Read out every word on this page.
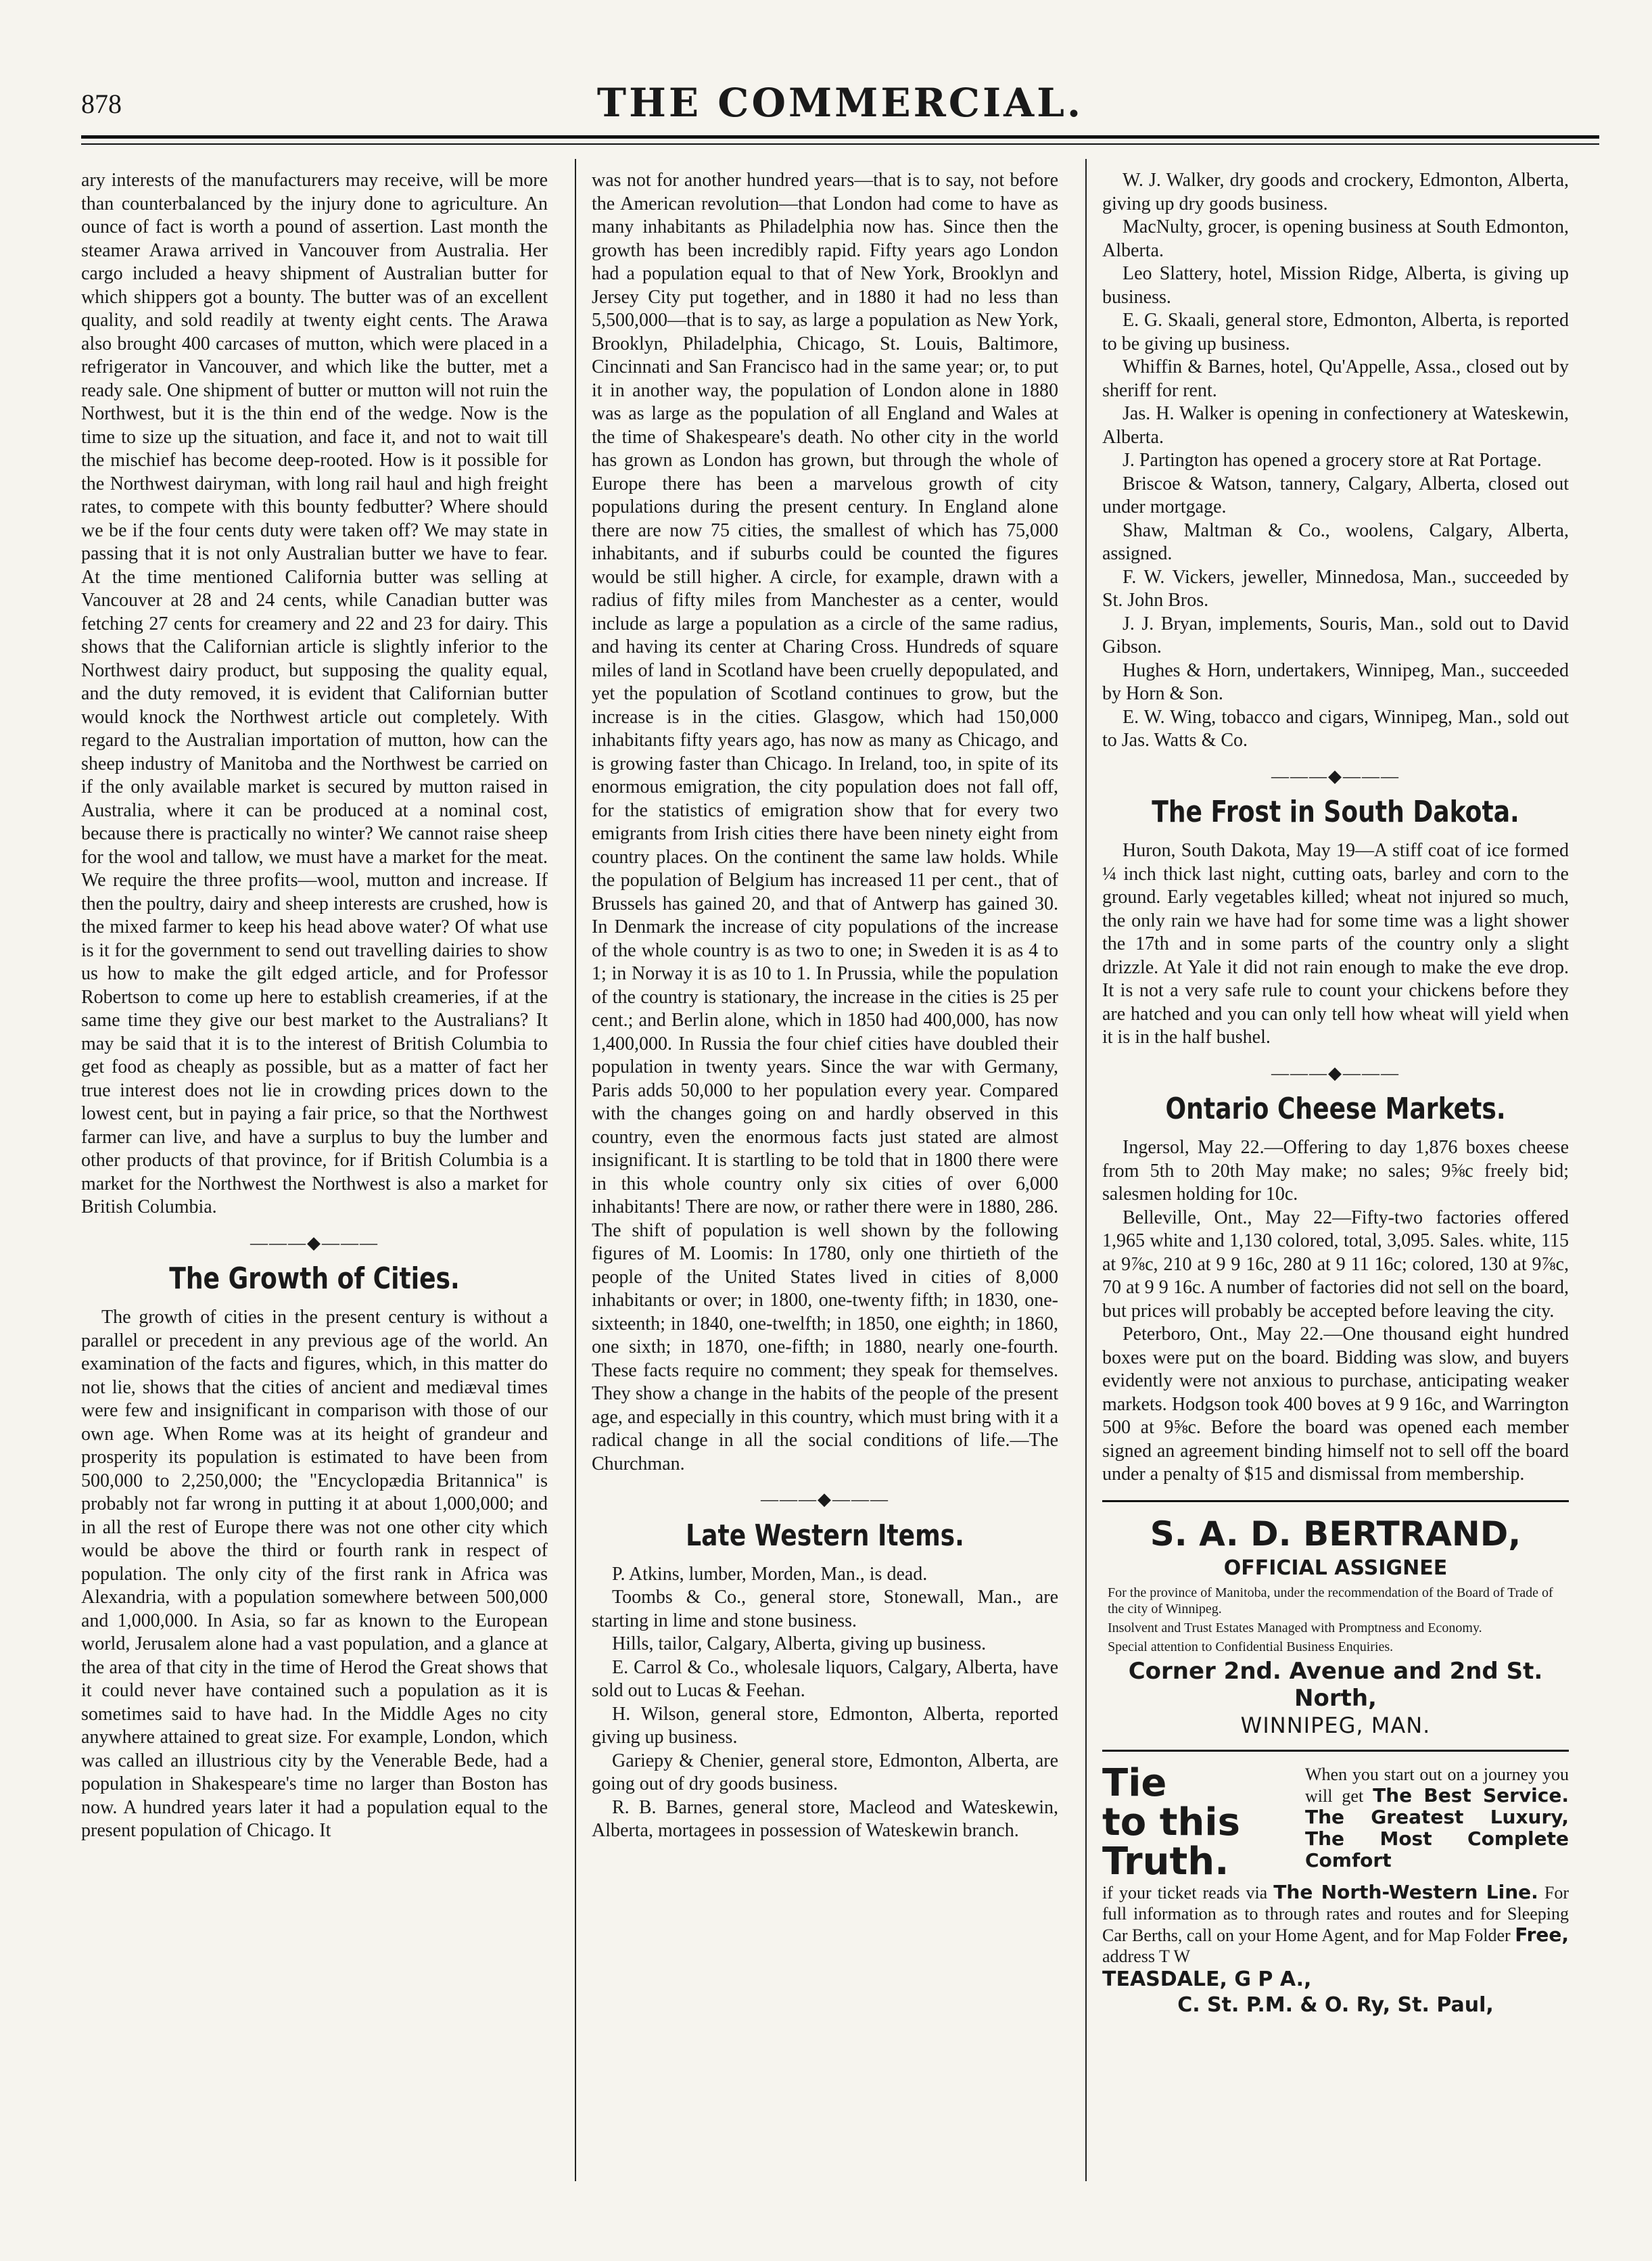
878	THE COMMERCIAL.

ary interests of the manufacturers may receive, will be more than counterbalanced by the injury done to agriculture. An ounce of fact is worth a pound of assertion. Last month the steamer Arawa arrived in Vancouver from Australia. Her cargo included a heavy shipment of Australian butter for which shippers got a bounty. The butter was of an excellent quality, and sold readily at twenty eight cents. The Arawa also brought 400 carcases of mutton, which were placed in a refrigerator in Vancouver, and which like the butter, met a ready sale. One shipment of butter or mutton will not ruin the Northwest, but it is the thin end of the wedge. Now is the time to size up the situation, and face it, and not to wait till the mischief has become deep-rooted. How is it possible for the Northwest dairyman, with long rail haul and high freight rates, to compete with this bounty fedbutter? Where should we be if the four cents duty were taken off? We may state in passing that it is not only Australian butter we have to fear. At the time mentioned California butter was selling at Vancouver at 28 and 24 cents, while Canadian butter was fetching 27 cents for creamery and 22 and 23 for dairy. This shows that the Californian article is slightly inferior to the Northwest dairy product, but supposing the quality equal, and the duty removed, it is evident that Californian butter would knock the Northwest article out completely. With regard to the Australian importation of mutton, how can the sheep industry of Manitoba and the Northwest be carried on if the only available market is secured by mutton raised in Australia, where it can be produced at a nominal cost, because there is practically no winter? We cannot raise sheep for the wool and tallow, we must have a market for the meat. We require the three profits—wool, mutton and increase. If then the poultry, dairy and sheep interests are crushed, how is the mixed farmer to keep his head above water? Of what use is it for the government to send out travelling dairies to show us how to make the gilt edged article, and for Professor Robertson to come up here to establish creameries, if at the same time they give our best market to the Australians? It may be said that it is to the interest of British Columbia to get food as cheaply as possible, but as a matter of fact her true interest does not lie in crowding prices down to the lowest cent, but in paying a fair price, so that the Northwest farmer can live, and have a surplus to buy the lumber and other products of that province, for if British Columbia is a market for the Northwest the Northwest is also a market for British Columbia.

———◆———
The Growth of Cities.

The growth of cities in the present century is without a parallel or precedent in any previous age of the world. An examination of the facts and figures, which, in this matter do not lie, shows that the cities of ancient and mediæval times were few and insignificant in comparison with those of our own age. When Rome was at its height of grandeur and prosperity its population is estimated to have been from 500,000 to 2,250,000; the "Encyclopædia Britannica" is probably not far wrong in putting it at about 1,000,000; and in all the rest of Europe there was not one other city which would be above the third or fourth rank in respect of population. The only city of the first rank in Africa was Alexandria, with a population somewhere between 500,000 and 1,000,000. In Asia, so far as known to the European world, Jerusalem alone had a vast population, and a glance at the area of that city in the time of Herod the Great shows that it could never have contained such a population as it is sometimes said to have had. In the Middle Ages no city anywhere attained to great size. For example, London, which was called an illustrious city by the Venerable Bede, had a population in Shakespeare's time no larger than Boston has now. A hundred years later it had a population equal to the present population of Chicago. It

was not for another hundred years—that is to say, not before the American revolution—that London had come to have as many inhabitants as Philadelphia now has. Since then the growth has been incredibly rapid. Fifty years ago London had a population equal to that of New York, Brooklyn and Jersey City put together, and in 1880 it had no less than 5,500,000—that is to say, as large a population as New York, Brooklyn, Philadelphia, Chicago, St. Louis, Baltimore, Cincinnati and San Francisco had in the same year; or, to put it in another way, the population of London alone in 1880 was as large as the population of all England and Wales at the time of Shakespeare's death. No other city in the world has grown as London has grown, but through the whole of Europe there has been a marvelous growth of city populations during the present century. In England alone there are now 75 cities, the smallest of which has 75,000 inhabitants, and if suburbs could be counted the figures would be still higher. A circle, for example, drawn with a radius of fifty miles from Manchester as a center, would include as large a population as a circle of the same radius, and having its center at Charing Cross. Hundreds of square miles of land in Scotland have been cruelly depopulated, and yet the population of Scotland continues to grow, but the increase is in the cities. Glasgow, which had 150,000 inhabitants fifty years ago, has now as many as Chicago, and is growing faster than Chicago. In Ireland, too, in spite of its enormous emigration, the city population does not fall off, for the statistics of emigration show that for every two emigrants from Irish cities there have been ninety eight from country places. On the continent the same law holds. While the population of Belgium has increased 11 per cent., that of Brussels has gained 20, and that of Antwerp has gained 30. In Denmark the increase of city populations of the increase of the whole country is as two to one; in Sweden it is as 4 to 1; in Norway it is as 10 to 1. In Prussia, while the population of the country is stationary, the increase in the cities is 25 per cent.; and Berlin alone, which in 1850 had 400,000, has now 1,400,000. In Russia the four chief cities have doubled their population in twenty years. Since the war with Germany, Paris adds 50,000 to her population every year. Compared with the changes going on and hardly observed in this country, even the enormous facts just stated are almost insignificant. It is startling to be told that in 1800 there were in this whole country only six cities of over 6,000 inhabitants! There are now, or rather there were in 1880, 286. The shift of population is well shown by the following figures of M. Loomis: In 1780, only one thirtieth of the people of the United States lived in cities of 8,000 inhabitants or over; in 1800, one-twenty fifth; in 1830, one-sixteenth; in 1840, one-twelfth; in 1850, one eighth; in 1860, one sixth; in 1870, one-fifth; in 1880, nearly one-fourth. These facts require no comment; they speak for themselves. They show a change in the habits of the people of the present age, and especially in this country, which must bring with it a radical change in all the social conditions of life.—The Churchman.

———◆———
Late Western Items.

P. Atkins, lumber, Morden, Man., is dead.

Toombs & Co., general store, Stonewall, Man., are starting in lime and stone business.

Hills, tailor, Calgary, Alberta, giving up business.

E. Carrol & Co., wholesale liquors, Calgary, Alberta, have sold out to Lucas & Feehan.

H. Wilson, general store, Edmonton, Alberta, reported giving up business.

Gariepy & Chenier, general store, Edmonton, Alberta, are going out of dry goods business.

R. B. Barnes, general store, Macleod and Wateskewin, Alberta, mortagees in possession of Wateskewin branch.

W. J. Walker, dry goods and crockery, Edmonton, Alberta, giving up dry goods business.

MacNulty, grocer, is opening business at South Edmonton, Alberta.

Leo Slattery, hotel, Mission Ridge, Alberta, is giving up business.

E. G. Skaali, general store, Edmonton, Alberta, is reported to be giving up business.

Whiffin & Barnes, hotel, Qu'Appelle, Assa., closed out by sheriff for rent.

Jas. H. Walker is opening in confectionery at Wateskewin, Alberta.

J. Partington has opened a grocery store at Rat Portage.

Briscoe & Watson, tannery, Calgary, Alberta, closed out under mortgage.

Shaw, Maltman & Co., woolens, Calgary, Alberta, assigned.

F. W. Vickers, jeweller, Minnedosa, Man., succeeded by St. John Bros.

J. J. Bryan, implements, Souris, Man., sold out to David Gibson.

Hughes & Horn, undertakers, Winnipeg, Man., succeeded by Horn & Son.

E. W. Wing, tobacco and cigars, Winnipeg, Man., sold out to Jas. Watts & Co.

———◆———
The Frost in South Dakota.

Huron, South Dakota, May 19—A stiff coat of ice formed ¼ inch thick last night, cutting oats, barley and corn to the ground. Early vegetables killed; wheat not injured so much, the only rain we have had for some time was a light shower the 17th and in some parts of the country only a slight drizzle. At Yale it did not rain enough to make the eve drop. It is not a very safe rule to count your chickens before they are hatched and you can only tell how wheat will yield when it is in the half bushel.

———◆———
Ontario Cheese Markets.

Ingersol, May 22.—Offering to day 1,876 boxes cheese from 5th to 20th May make; no sales; 9⅝c freely bid; salesmen holding for 10c.

Belleville, Ont., May 22—Fifty-two factories offered 1,965 white and 1,130 colored, total, 3,095. Sales. white, 115 at 9⅞c, 210 at 9 9 16c, 280 at 9 11 16c; colored, 130 at 9⅞c, 70 at 9 9 16c. A number of factories did not sell on the board, but prices will probably be accepted before leaving the city.

Peterboro, Ont., May 22.—One thousand eight hundred boxes were put on the board. Bidding was slow, and buyers evidently were not anxious to purchase, anticipating weaker markets. Hodgson took 400 boves at 9 9 16c, and Warrington 500 at 9⅝c. Before the board was opened each member signed an agreement binding himself not to sell off the board under a penalty of $15 and dismissal from membership.

S. A. D. BERTRAND,
OFFICIAL ASSIGNEE
For the province of Manitoba, under the recommendation of the Board of Trade of the city of Winnipeg.
Insolvent and Trust Estates Managed with Promptness and Economy.
Special attention to Confidential Business Enquiries.
Corner 2nd. Avenue and 2nd St. North,
WINNIPEG, MAN.
Tie
to this
Truth.
When you start out on a journey you will get The Best Service. The Greatest Luxury, The Most Complete Comfort
if your ticket reads via The North-Western Line. For full information as to through rates and routes and for Sleeping Car Berths, call on your Home Agent, and for Map Folder Free, address T W
TEASDALE, G P A.,
C. St. P.M. & O. Ry, St. Paul,
